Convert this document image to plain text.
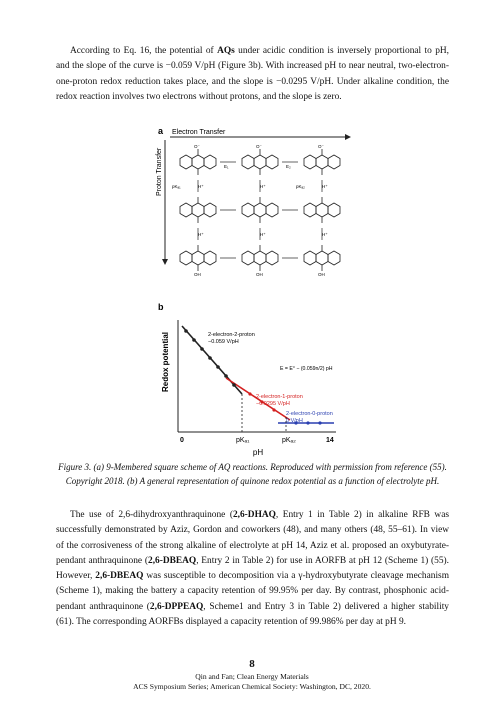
According to Eq. 16, the potential of AQs under acidic condition is inversely proportional to pH, and the slope of the curve is −0.059 V/pH (Figure 3b). With increased pH to near neutral, two-electron-one-proton redox reduction takes place, and the slope is −0.0295 V/pH. Under alkaline condition, the redox reaction involves two electrons without protons, and the slope is zero.

a Electron Transfer
Proton Transfer	E₁	E₂
H⁺	H⁺	H⁺
H⁺	H⁺	H⁺
pKₐ₁	pKₐ₂
OH	OH	OH
O⁻	O⁻	O⁻
b
Redox potential
pH
0	14
pKₐ₁	pKₐ₂
2-electron-2-proton
−0.059 V/pH
2-electron-1-proton
−0.0295 V/pH
2-electron-0-proton
0 V/pH
E = E° − (0.059n/2) pH

Figure 3. (a) 9-Membered square scheme of AQ reactions. Reproduced with permission from reference (55). Copyright 2018. (b) A general representation of quinone redox potential as a function of electrolyte pH.

The use of 2,6-dihydroxyanthraquinone (2,6-DHAQ, Entry 1 in Table 2) in alkaline RFB was successfully demonstrated by Aziz, Gordon and coworkers (48), and many others (48, 55–61). In view of the corrosiveness of the strong alkaline of electrolyte at pH 14, Aziz et al. proposed an oxybutyrate-pendant anthraquinone (2,6-DBEAQ, Entry 2 in Table 2) for use in AORFB at pH 12 (Scheme 1) (55). However, 2,6-DBEAQ was susceptible to decomposition via a γ-hydroxybutyrate cleavage mechanism (Scheme 1), making the battery a capacity retention of 99.95% per day. By contrast, phosphonic acid-pendant anthraquinone (2,6-DPPEAQ, Scheme1 and Entry 3 in Table 2) delivered a higher stability (61). The corresponding AORFBs displayed a capacity retention of 99.986% per day at pH 9.

8
Qin and Fan; Clean Energy Materials
ACS Symposium Series; American Chemical Society: Washington, DC, 2020.
